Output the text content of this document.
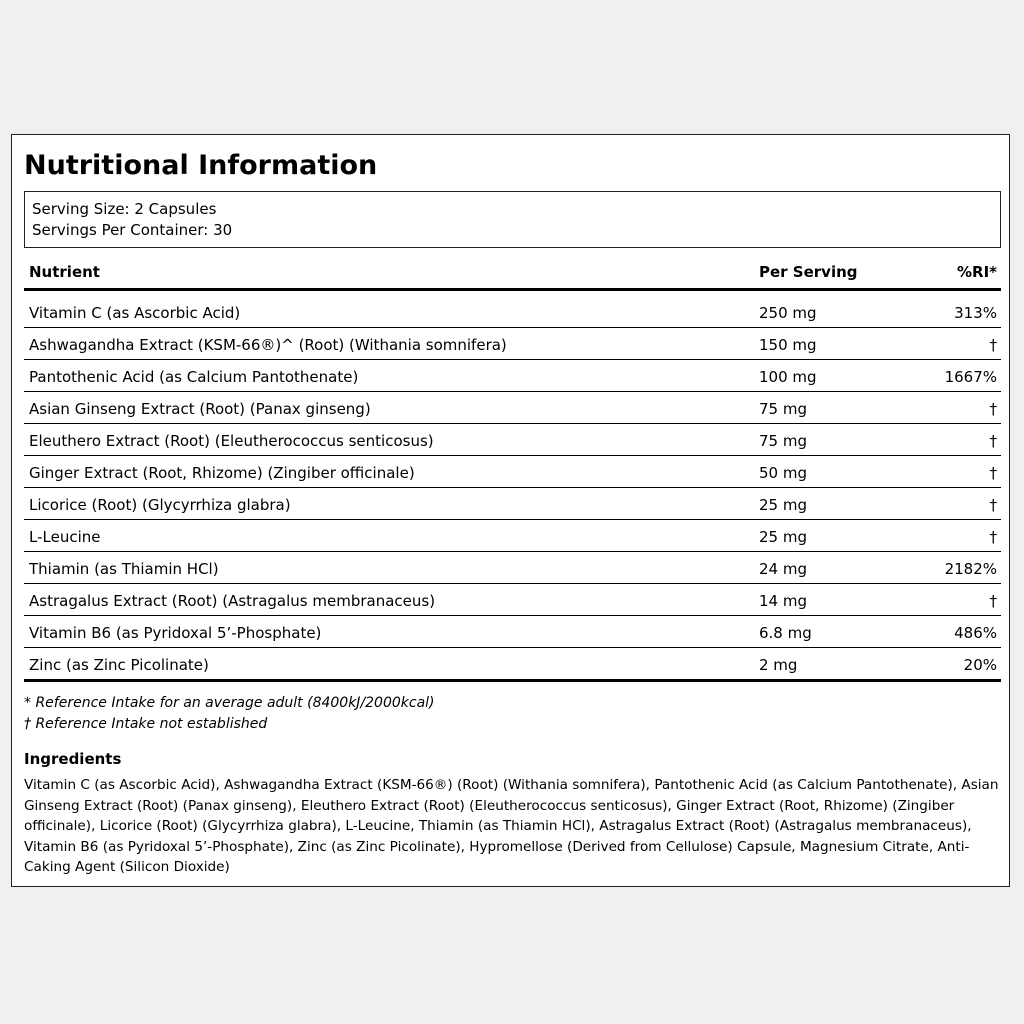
Nutritional Information
Serving Size: 2 Capsules
Servings Per Container: 30
Nutrient	Per Serving	%RI*
Vitamin C (as Ascorbic Acid)	250 mg	313%
Ashwagandha Extract (KSM-66®)^ (Root) (Withania somnifera)	150 mg	†
Pantothenic Acid (as Calcium Pantothenate)	100 mg	1667%
Asian Ginseng Extract (Root) (Panax ginseng)	75 mg	†
Eleuthero Extract (Root) (Eleutherococcus senticosus)	75 mg	†
Ginger Extract (Root, Rhizome) (Zingiber officinale)	50 mg	†
Licorice (Root) (Glycyrrhiza glabra)	25 mg	†
L-Leucine	25 mg	†
Thiamin (as Thiamin HCl)	24 mg	2182%
Astragalus Extract (Root) (Astragalus membranaceus)	14 mg	†
Vitamin B6 (as Pyridoxal 5’-Phosphate)	6.8 mg	486%
Zinc (as Zinc Picolinate)	2 mg	20%
* Reference Intake for an average adult (8400kJ/2000kcal)
† Reference Intake not established
Ingredients
Vitamin C (as Ascorbic Acid), Ashwagandha Extract (KSM-66®) (Root) (Withania somnifera), Pantothenic Acid (as Calcium Pantothenate), Asian Ginseng Extract (Root) (Panax ginseng), Eleuthero Extract (Root) (Eleutherococcus senticosus), Ginger Extract (Root, Rhizome) (Zingiber officinale), Licorice (Root) (Glycyrrhiza glabra), L-Leucine, Thiamin (as Thiamin HCl), Astragalus Extract (Root) (Astragalus membranaceus), Vitamin B6 (as Pyridoxal 5’-Phosphate), Zinc (as Zinc Picolinate), Hypromellose (Derived from Cellulose) Capsule, Magnesium Citrate, Anti-Caking Agent (Silicon Dioxide)
